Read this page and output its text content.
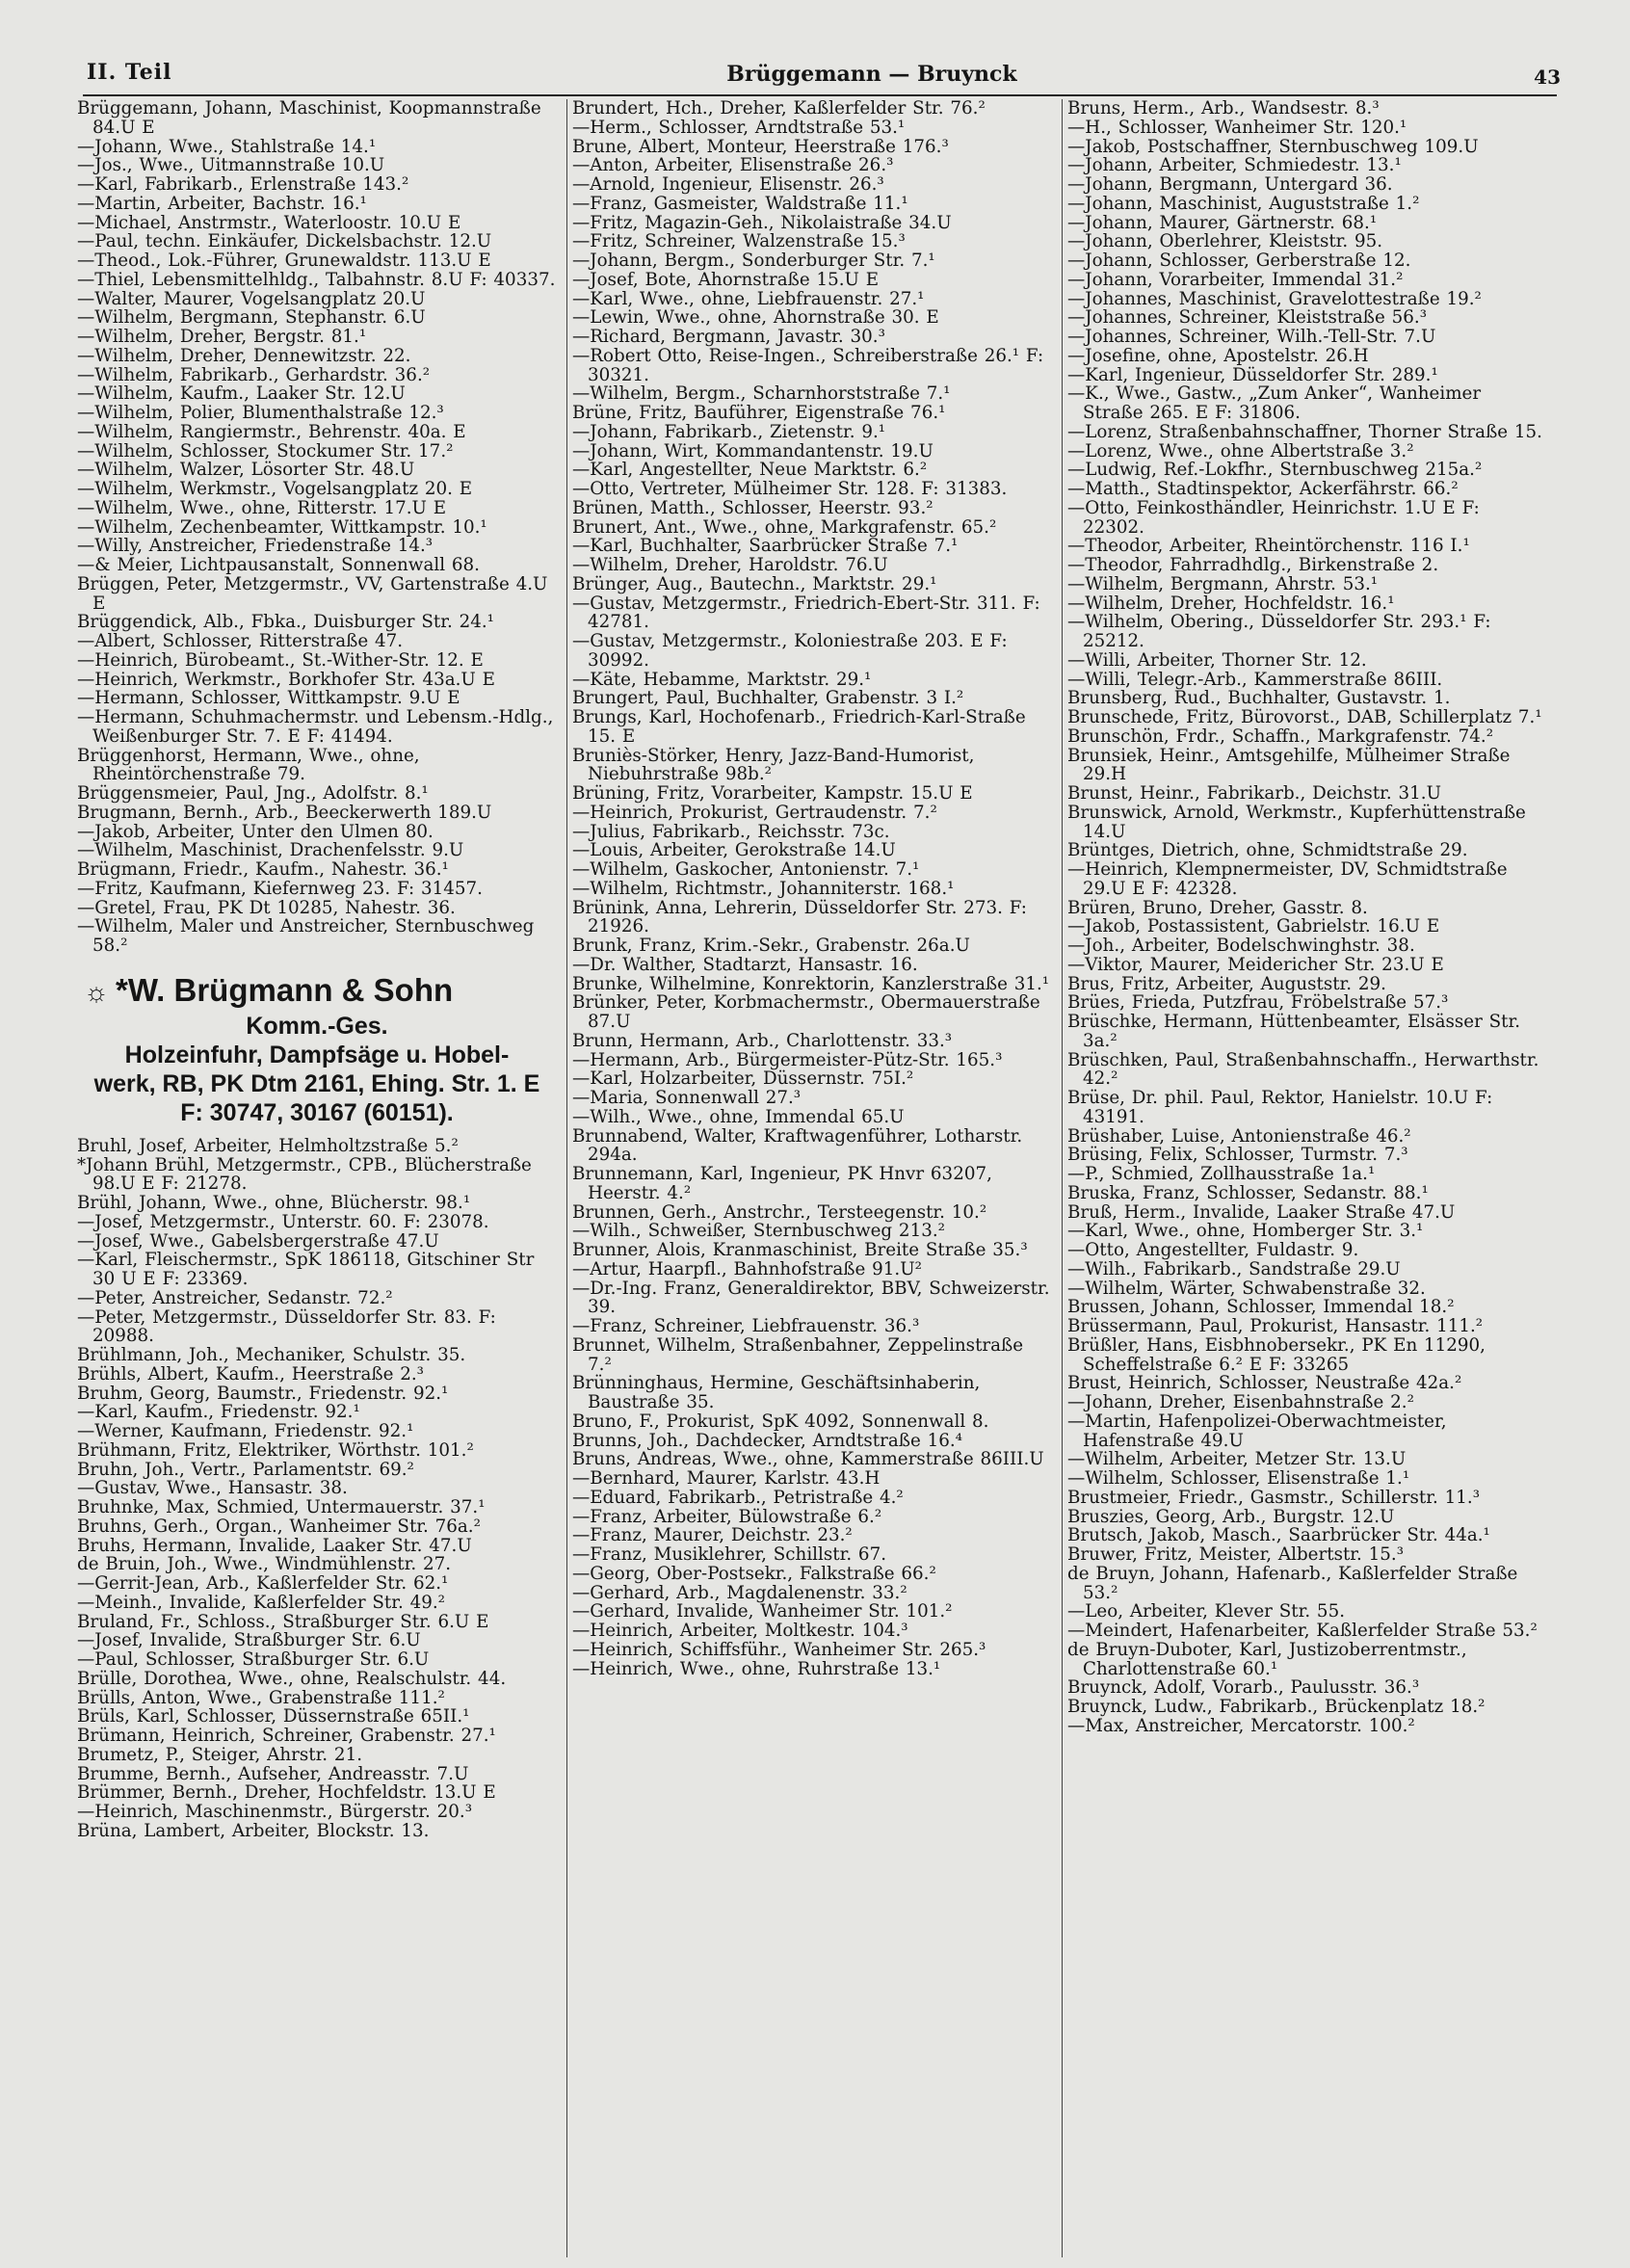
II. Teil	Brüggemann — Bruynck	43

Brüggemann, Johann, Maschinist, Koopmannstraße 84.U E

—Johann, Wwe., Stahlstraße 14.¹

—Jos., Wwe., Uitmannstraße 10.U

—Karl, Fabrikarb., Erlenstraße 143.²

—Martin, Arbeiter, Bachstr. 16.¹

—Michael, Anstrmstr., Waterloostr. 10.U E

—Paul, techn. Einkäufer, Dickelsbachstr. 12.U

—Theod., Lok.-Führer, Grunewaldstr. 113.U E

—Thiel, Lebensmittelhldg., Talbahnstr. 8.U F: 40337.

—Walter, Maurer, Vogelsangplatz 20.U

—Wilhelm, Bergmann, Stephanstr. 6.U

—Wilhelm, Dreher, Bergstr. 81.¹

—Wilhelm, Dreher, Dennewitzstr. 22.

—Wilhelm, Fabrikarb., Gerhardstr. 36.²

—Wilhelm, Kaufm., Laaker Str. 12.U

—Wilhelm, Polier, Blumenthalstraße 12.³

—Wilhelm, Rangiermstr., Behrenstr. 40a. E

—Wilhelm, Schlosser, Stockumer Str. 17.²

—Wilhelm, Walzer, Lösorter Str. 48.U

—Wilhelm, Werkmstr., Vogelsangplatz 20. E

—Wilhelm, Wwe., ohne, Ritterstr. 17.U E

—Wilhelm, Zechenbeamter, Wittkampstr. 10.¹

—Willy, Anstreicher, Friedenstraße 14.³

—& Meier, Lichtpausanstalt, Sonnenwall 68.

Brüggen, Peter, Metzgermstr., VV, Gartenstraße 4.U E

Brüggendick, Alb., Fbka., Duisburger Str. 24.¹

—Albert, Schlosser, Ritterstraße 47.

—Heinrich, Bürobeamt., St.-Wither-Str. 12. E

—Heinrich, Werkmstr., Borkhofer Str. 43a.U E

—Hermann, Schlosser, Wittkampstr. 9.U E

—Hermann, Schuhmachermstr. und Lebensm.-Hdlg., Weißenburger Str. 7. E F: 41494.

Brüggenhorst, Hermann, Wwe., ohne, Rheintörchenstraße 79.

Brüggensmeier, Paul, Jng., Adolfstr. 8.¹

Brugmann, Bernh., Arb., Beeckerwerth 189.U

—Jakob, Arbeiter, Unter den Ulmen 80.

—Wilhelm, Maschinist, Drachenfelsstr. 9.U

Brügmann, Friedr., Kaufm., Nahestr. 36.¹

—Fritz, Kaufmann, Kiefernweg 23. F: 31457.

—Gretel, Frau, PK Dt 10285, Nahestr. 36.

—Wilhelm, Maler und Anstreicher, Sternbuschweg 58.²

☼ *W. Brügmann & Sohn
Komm.-Ges.
Holzeinfuhr, Dampfsäge u. Hobel-
werk, RB, PK Dtm 2161, Ehing. Str. 1. E
F: 30747, 30167 (60151).

Bruhl, Josef, Arbeiter, Helmholtzstraße 5.²

*Johann Brühl, Metzgermstr., CPB., Blücherstraße 98.U E F: 21278.

Brühl, Johann, Wwe., ohne, Blücherstr. 98.¹

—Josef, Metzgermstr., Unterstr. 60. F: 23078.

—Josef, Wwe., Gabelsbergerstraße 47.U

—Karl, Fleischermstr., SpK 186118, Gitschiner Str 30 U E F: 23369.

—Peter, Anstreicher, Sedanstr. 72.²

—Peter, Metzgermstr., Düsseldorfer Str. 83. F: 20988.

Brühlmann, Joh., Mechaniker, Schulstr. 35.

Brühls, Albert, Kaufm., Heerstraße 2.³

Bruhm, Georg, Baumstr., Friedenstr. 92.¹

—Karl, Kaufm., Friedenstr. 92.¹

—Werner, Kaufmann, Friedenstr. 92.¹

Brühmann, Fritz, Elektriker, Wörthstr. 101.²

Bruhn, Joh., Vertr., Parlamentstr. 69.²

—Gustav, Wwe., Hansastr. 38.

Bruhnke, Max, Schmied, Untermauerstr. 37.¹

Bruhns, Gerh., Organ., Wanheimer Str. 76a.²

Bruhs, Hermann, Invalide, Laaker Str. 47.U

de Bruin, Joh., Wwe., Windmühlenstr. 27.

—Gerrit-Jean, Arb., Kaßlerfelder Str. 62.¹

—Meinh., Invalide, Kaßlerfelder Str. 49.²

Bruland, Fr., Schloss., Straßburger Str. 6.U E

—Josef, Invalide, Straßburger Str. 6.U

—Paul, Schlosser, Straßburger Str. 6.U

Brülle, Dorothea, Wwe., ohne, Realschulstr. 44.

Brülls, Anton, Wwe., Grabenstraße 111.²

Brüls, Karl, Schlosser, Düssernstraße 65II.¹

Brümann, Heinrich, Schreiner, Grabenstr. 27.¹

Brumetz, P., Steiger, Ahrstr. 21.

Brumme, Bernh., Aufseher, Andreasstr. 7.U

Brümmer, Bernh., Dreher, Hochfeldstr. 13.U E

—Heinrich, Maschinenmstr., Bürgerstr. 20.³

Brüna, Lambert, Arbeiter, Blockstr. 13.

Brundert, Hch., Dreher, Kaßlerfelder Str. 76.²

—Herm., Schlosser, Arndtstraße 53.¹

Brune, Albert, Monteur, Heerstraße 176.³

—Anton, Arbeiter, Elisenstraße 26.³

—Arnold, Ingenieur, Elisenstr. 26.³

—Franz, Gasmeister, Waldstraße 11.¹

—Fritz, Magazin-Geh., Nikolaistraße 34.U

—Fritz, Schreiner, Walzenstraße 15.³

—Johann, Bergm., Sonderburger Str. 7.¹

—Josef, Bote, Ahornstraße 15.U E

—Karl, Wwe., ohne, Liebfrauenstr. 27.¹

—Lewin, Wwe., ohne, Ahornstraße 30. E

—Richard, Bergmann, Javastr. 30.³

—Robert Otto, Reise-Ingen., Schreiberstraße 26.¹ F: 30321.

—Wilhelm, Bergm., Scharnhorststraße 7.¹

Brüne, Fritz, Bauführer, Eigenstraße 76.¹

—Johann, Fabrikarb., Zietenstr. 9.¹

—Johann, Wirt, Kommandantenstr. 19.U

—Karl, Angestellter, Neue Marktstr. 6.²

—Otto, Vertreter, Mülheimer Str. 128. F: 31383.

Brünen, Matth., Schlosser, Heerstr. 93.²

Brunert, Ant., Wwe., ohne, Markgrafenstr. 65.²

—Karl, Buchhalter, Saarbrücker Straße 7.¹

—Wilhelm, Dreher, Haroldstr. 76.U

Brünger, Aug., Bautechn., Marktstr. 29.¹

—Gustav, Metzgermstr., Friedrich-Ebert-Str. 311. F: 42781.

—Gustav, Metzgermstr., Koloniestraße 203. E F: 30992.

—Käte, Hebamme, Marktstr. 29.¹

Brungert, Paul, Buchhalter, Grabenstr. 3 I.²

Brungs, Karl, Hochofenarb., Friedrich-Karl-Straße 15. E

Bruniès-Störker, Henry, Jazz-Band-Humorist, Niebuhrstraße 98b.²

Brüning, Fritz, Vorarbeiter, Kampstr. 15.U E

—Heinrich, Prokurist, Gertraudenstr. 7.²

—Julius, Fabrikarb., Reichsstr. 73c.

—Louis, Arbeiter, Gerokstraße 14.U

—Wilhelm, Gaskocher, Antonienstr. 7.¹

—Wilhelm, Richtmstr., Johanniterstr. 168.¹

Brünink, Anna, Lehrerin, Düsseldorfer Str. 273. F: 21926.

Brunk, Franz, Krim.-Sekr., Grabenstr. 26a.U

—Dr. Walther, Stadtarzt, Hansastr. 16.

Brunke, Wilhelmine, Konrektorin, Kanzlerstraße 31.¹

Brünker, Peter, Korbmachermstr., Obermauerstraße 87.U

Brunn, Hermann, Arb., Charlottenstr. 33.³

—Hermann, Arb., Bürgermeister-Pütz-Str. 165.³

—Karl, Holzarbeiter, Düssernstr. 75I.²

—Maria, Sonnenwall 27.³

—Wilh., Wwe., ohne, Immendal 65.U

Brunnabend, Walter, Kraftwagenführer, Lotharstr. 294a.

Brunnemann, Karl, Ingenieur, PK Hnvr 63207, Heerstr. 4.²

Brunnen, Gerh., Anstrchr., Tersteegenstr. 10.²

—Wilh., Schweißer, Sternbuschweg 213.²

Brunner, Alois, Kranmaschinist, Breite Straße 35.³

—Artur, Haarpfl., Bahnhofstraße 91.U²

—Dr.-Ing. Franz, Generaldirektor, BBV, Schweizerstr. 39.

—Franz, Schreiner, Liebfrauenstr. 36.³

Brunnet, Wilhelm, Straßenbahner, Zeppelinstraße 7.²

Brünninghaus, Hermine, Geschäftsinhaberin, Baustraße 35.

Bruno, F., Prokurist, SpK 4092, Sonnenwall 8.

Brunns, Joh., Dachdecker, Arndtstraße 16.⁴

Bruns, Andreas, Wwe., ohne, Kammerstraße 86III.U

—Bernhard, Maurer, Karlstr. 43.H

—Eduard, Fabrikarb., Petristraße 4.²

—Franz, Arbeiter, Bülowstraße 6.²

—Franz, Maurer, Deichstr. 23.²

—Franz, Musiklehrer, Schillstr. 67.

—Georg, Ober-Postsekr., Falkstraße 66.²

—Gerhard, Arb., Magdalenenstr. 33.²

—Gerhard, Invalide, Wanheimer Str. 101.²

—Heinrich, Arbeiter, Moltkestr. 104.³

—Heinrich, Schiffsführ., Wanheimer Str. 265.³

—Heinrich, Wwe., ohne, Ruhrstraße 13.¹

Bruns, Herm., Arb., Wandsestr. 8.³

—H., Schlosser, Wanheimer Str. 120.¹

—Jakob, Postschaffner, Sternbuschweg 109.U

—Johann, Arbeiter, Schmiedestr. 13.¹

—Johann, Bergmann, Untergard 36.

—Johann, Maschinist, Auguststraße 1.²

—Johann, Maurer, Gärtnerstr. 68.¹

—Johann, Oberlehrer, Kleiststr. 95.

—Johann, Schlosser, Gerberstraße 12.

—Johann, Vorarbeiter, Immendal 31.²

—Johannes, Maschinist, Gravelottestraße 19.²

—Johannes, Schreiner, Kleiststraße 56.³

—Johannes, Schreiner, Wilh.-Tell-Str. 7.U

—Josefine, ohne, Apostelstr. 26.H

—Karl, Ingenieur, Düsseldorfer Str. 289.¹

—K., Wwe., Gastw., „Zum Anker“, Wanheimer Straße 265. E F: 31806.

—Lorenz, Straßenbahnschaffner, Thorner Straße 15.

—Lorenz, Wwe., ohne Albertstraße 3.²

—Ludwig, Ref.-Lokfhr., Sternbuschweg 215a.²

—Matth., Stadtinspektor, Ackerfährstr. 66.²

—Otto, Feinkosthändler, Heinrichstr. 1.U E F: 22302.

—Theodor, Arbeiter, Rheintörchenstr. 116 I.¹

—Theodor, Fahrradhdlg., Birkenstraße 2.

—Wilhelm, Bergmann, Ahrstr. 53.¹

—Wilhelm, Dreher, Hochfeldstr. 16.¹

—Wilhelm, Obering., Düsseldorfer Str. 293.¹ F: 25212.

—Willi, Arbeiter, Thorner Str. 12.

—Willi, Telegr.-Arb., Kammerstraße 86III.

Brunsberg, Rud., Buchhalter, Gustavstr. 1.

Brunschede, Fritz, Bürovorst., DAB, Schillerplatz 7.¹

Brunschön, Frdr., Schaffn., Markgrafenstr. 74.²

Brunsiek, Heinr., Amtsgehilfe, Mülheimer Straße 29.H

Brunst, Heinr., Fabrikarb., Deichstr. 31.U

Brunswick, Arnold, Werkmstr., Kupferhüttenstraße 14.U

Brüntges, Dietrich, ohne, Schmidtstraße 29.

—Heinrich, Klempnermeister, DV, Schmidtstraße 29.U E F: 42328.

Brüren, Bruno, Dreher, Gasstr. 8.

—Jakob, Postassistent, Gabrielstr. 16.U E

—Joh., Arbeiter, Bodelschwinghstr. 38.

—Viktor, Maurer, Meidericher Str. 23.U E

Brus, Fritz, Arbeiter, Auguststr. 29.

Brües, Frieda, Putzfrau, Fröbelstraße 57.³

Brüschke, Hermann, Hüttenbeamter, Elsässer Str. 3a.²

Brüschken, Paul, Straßenbahnschaffn., Herwarthstr. 42.²

Brüse, Dr. phil. Paul, Rektor, Hanielstr. 10.U F: 43191.

Brüshaber, Luise, Antonienstraße 46.²

Brüsing, Felix, Schlosser, Turmstr. 7.³

—P., Schmied, Zollhausstraße 1a.¹

Bruska, Franz, Schlosser, Sedanstr. 88.¹

Bruß, Herm., Invalide, Laaker Straße 47.U

—Karl, Wwe., ohne, Homberger Str. 3.¹

—Otto, Angestellter, Fuldastr. 9.

—Wilh., Fabrikarb., Sandstraße 29.U

—Wilhelm, Wärter, Schwabenstraße 32.

Brussen, Johann, Schlosser, Immendal 18.²

Brüssermann, Paul, Prokurist, Hansastr. 111.²

Brüßler, Hans, Eisbhnobersekr., PK En 11290, Scheffelstraße 6.² E F: 33265

Brust, Heinrich, Schlosser, Neustraße 42a.²

—Johann, Dreher, Eisenbahnstraße 2.²

—Martin, Hafenpolizei-Oberwachtmeister, Hafenstraße 49.U

—Wilhelm, Arbeiter, Metzer Str. 13.U

—Wilhelm, Schlosser, Elisenstraße 1.¹

Brustmeier, Friedr., Gasmstr., Schillerstr. 11.³

Bruszies, Georg, Arb., Burgstr. 12.U

Brutsch, Jakob, Masch., Saarbrücker Str. 44a.¹

Bruwer, Fritz, Meister, Albertstr. 15.³

de Bruyn, Johann, Hafenarb., Kaßlerfelder Straße 53.²

—Leo, Arbeiter, Klever Str. 55.

—Meindert, Hafenarbeiter, Kaßlerfelder Straße 53.²

de Bruyn-Duboter, Karl, Justizoberrentmstr., Charlottenstraße 60.¹

Bruynck, Adolf, Vorarb., Paulusstr. 36.³

Bruynck, Ludw., Fabrikarb., Brückenplatz 18.²

—Max, Anstreicher, Mercatorstr. 100.²
